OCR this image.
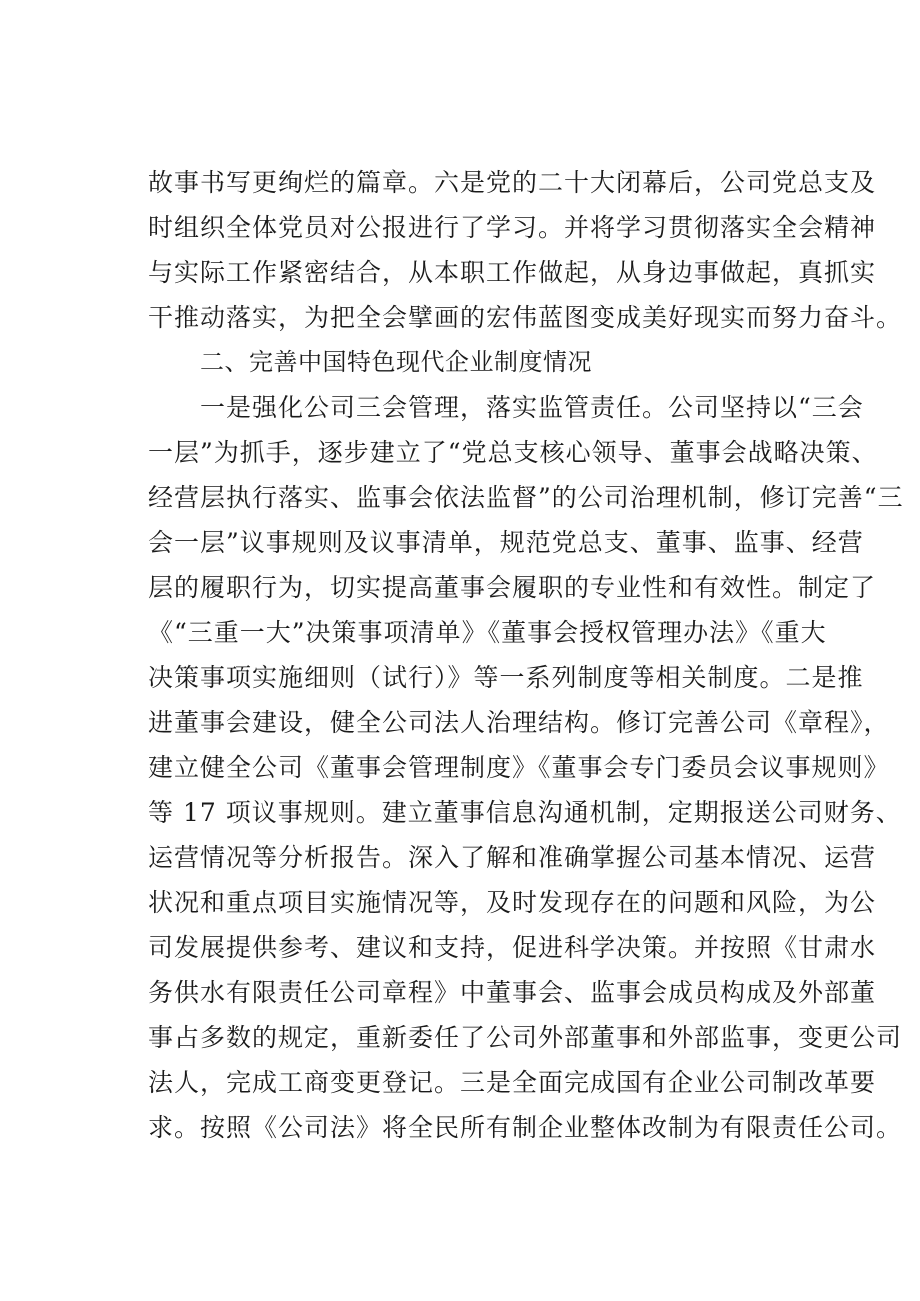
故事书写更绚烂的篇章。六是党的二十大闭幕后，公司党总支及
时组织全体党员对公报进行了学习。并将学习贯彻落实全会精神
与实际工作紧密结合，从本职工作做起，从身边事做起，真抓实
干推动落实，为把全会擘画的宏伟蓝图变成美好现实而努力奋斗。
二、完善中国特色现代企业制度情况
一是强化公司三会管理，落实监管责任。公司坚持以“三会
一层”为抓手，逐步建立了“党总支核心领导、董事会战略决策、
经营层执行落实、监事会依法监督”的公司治理机制，修订完善“三
会一层”议事规则及议事清单，规范党总支、董事、监事、经营
层的履职行为，切实提高董事会履职的专业性和有效性。制定了
《“三重一大”决策事项清单》《董事会授权管理办法》《重大
决策事项实施细则（试行）》等一系列制度等相关制度。二是推
进董事会建设，健全公司法人治理结构。修订完善公司《章程》，
建立健全公司《董事会管理制度》《董事会专门委员会议事规则》
等 17 项议事规则。建立董事信息沟通机制，定期报送公司财务、
运营情况等分析报告。深入了解和准确掌握公司基本情况、运营
状况和重点项目实施情况等，及时发现存在的问题和风险，为公
司发展提供参考、建议和支持，促进科学决策。并按照《甘肃水
务供水有限责任公司章程》中董事会、监事会成员构成及外部董
事占多数的规定，重新委任了公司外部董事和外部监事，变更公司
法人，完成工商变更登记。三是全面完成国有企业公司制改革要
求。按照《公司法》将全民所有制企业整体改制为有限责任公司。
